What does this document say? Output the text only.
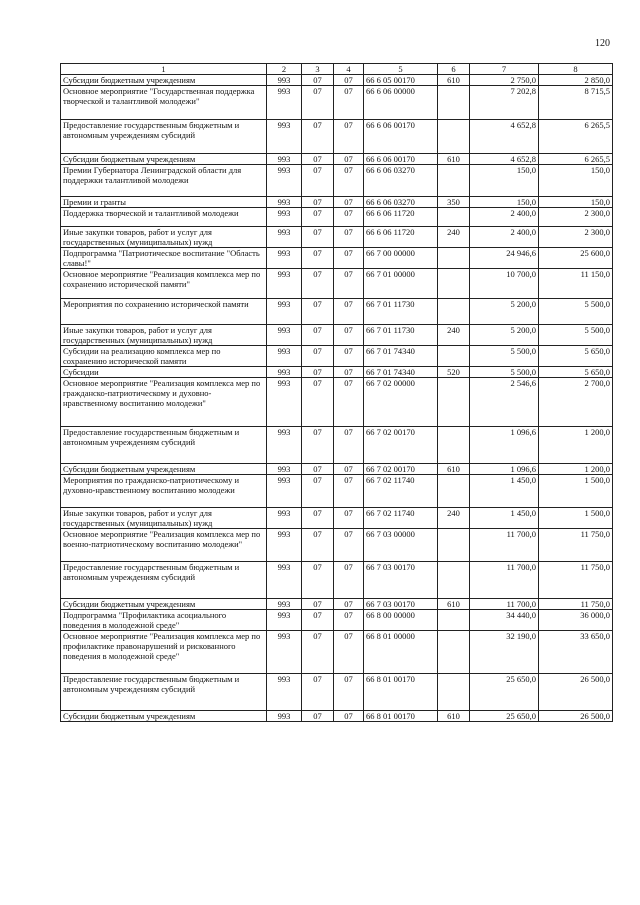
120
1	2	3	4	5	6	7	8
Субсидии бюджетным учреждениям	993	07	07	66 6 05 00170	610	2 750,0	2 850,0
Основное мероприятие "Государственная поддержка творческой и талантливой молодежи"	993	07	07	66 6 06 00000		7 202,8	8 715,5
Предоставление государственным бюджетным и автономным учреждениям субсидий	993	07	07	66 6 06 00170		4 652,8	6 265,5
Субсидии бюджетным учреждениям	993	07	07	66 6 06 00170	610	4 652,8	6 265,5
Премии Губернатора Ленинградской области для поддержки талантливой молодежи	993	07	07	66 6 06 03270		150,0	150,0
Премии и гранты	993	07	07	66 6 06 03270	350	150,0	150,0
Поддержка творческой и талантливой молодежи	993	07	07	66 6 06 11720		2 400,0	2 300,0
Иные закупки товаров, работ и услуг для государственных (муниципальных) нужд	993	07	07	66 6 06 11720	240	2 400,0	2 300,0
Подпрограмма "Патриотическое воспитание "Область славы!"	993	07	07	66 7 00 00000		24 946,6	25 600,0
Основное мероприятие "Реализация комплекса мер по сохранению исторической памяти"	993	07	07	66 7 01 00000		10 700,0	11 150,0
Мероприятия по сохранению исторической памяти	993	07	07	66 7 01 11730		5 200,0	5 500,0
Иные закупки товаров, работ и услуг для государственных (муниципальных) нужд	993	07	07	66 7 01 11730	240	5 200,0	5 500,0
Субсидии на реализацию комплекса мер по сохранению исторической памяти	993	07	07	66 7 01 74340		5 500,0	5 650,0
Субсидии	993	07	07	66 7 01 74340	520	5 500,0	5 650,0
Основное мероприятие "Реализация комплекса мер по гражданско-патриотическому и духовно-нравственному воспитанию молодежи"	993	07	07	66 7 02 00000		2 546,6	2 700,0
Предоставление государственным бюджетным и автономным учреждениям субсидий	993	07	07	66 7 02 00170		1 096,6	1 200,0
Субсидии бюджетным учреждениям	993	07	07	66 7 02 00170	610	1 096,6	1 200,0
Мероприятия по гражданско-патриотическому и духовно-нравственному воспитанию молодежи	993	07	07	66 7 02 11740		1 450,0	1 500,0
Иные закупки товаров, работ и услуг для государственных (муниципальных) нужд	993	07	07	66 7 02 11740	240	1 450,0	1 500,0
Основное мероприятие "Реализация комплекса мер по военно-патриотическому воспитанию молодежи"	993	07	07	66 7 03 00000		11 700,0	11 750,0
Предоставление государственным бюджетным и автономным учреждениям субсидий	993	07	07	66 7 03 00170		11 700,0	11 750,0
Субсидии бюджетным учреждениям	993	07	07	66 7 03 00170	610	11 700,0	11 750,0
Подпрограмма "Профилактика асоциального поведения в молодежной среде"	993	07	07	66 8 00 00000		34 440,0	36 000,0
Основное мероприятие "Реализация комплекса мер по профилактике правонарушений и рискованного поведения в молодежной среде"	993	07	07	66 8 01 00000		32 190,0	33 650,0
Предоставление государственным бюджетным и автономным учреждениям субсидий	993	07	07	66 8 01 00170		25 650,0	26 500,0
Субсидии бюджетным учреждениям	993	07	07	66 8 01 00170	610	25 650,0	26 500,0
